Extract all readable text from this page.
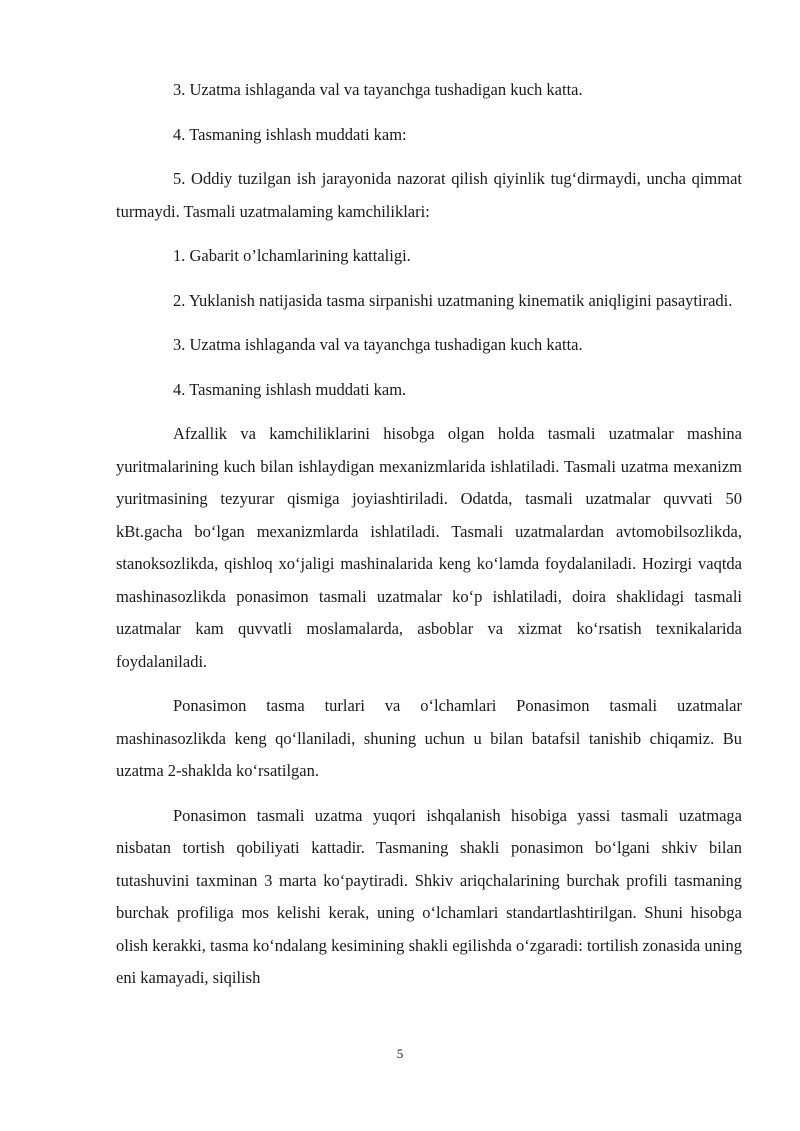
3. Uzatma ishlaganda val va tayanchga tushadigan kuch katta.

4. Tasmaning ishlash muddati kam:

5. Oddiy tuzilgan ish jarayonida nazorat qilish qiyinlik tug‘dirmaydi, uncha qimmat turmaydi. Tasmali uzatmalaming kamchiliklari:

1. Gabarit o’lchamlarining kattaligi.

2. Yuklanish natijasida tasma sirpanishi uzatmaning kinematik aniqligini pasaytiradi.

3. Uzatma ishlaganda val va tayanchga tushadigan kuch katta.

4. Tasmaning ishlash muddati kam.

Afzallik va kamchiliklarini hisobga olgan holda tasmali uzatmalar mashina yuritmalarining kuch bilan ishlaydigan mexanizmlarida ishlatiladi. Tasmali uzatma mexanizm yuritmasining tezyurar qismiga joyiashtiriladi. Odatda, tasmali uzatmalar quvvati 50 kBt.gacha bo‘lgan mexanizmlarda ishlatiladi. Tasmali uzatmalardan avtomobilsozlikda, stanoksozlikda, qishloq xo‘jaligi mashinalarida keng ko‘lamda foydalaniladi. Hozirgi vaqtda mashinasozlikda ponasimon tasmali uzatmalar ko‘p ishlatiladi, doira shaklidagi tasmali uzatmalar kam quvvatli moslamalarda, asboblar va xizmat ko‘rsatish texnikalarida foydalaniladi.

Ponasimon tasma turlari va o‘lchamlari Ponasimon tasmali uzatmalar mashinasozlikda keng qo‘llaniladi, shuning uchun u bilan batafsil tanishib chiqamiz. Bu uzatma 2-shaklda ko‘rsatilgan.

Ponasimon tasmali uzatma yuqori ishqalanish hisobiga yassi tasmali uzatmaga nisbatan tortish qobiliyati kattadir. Tasmaning shakli ponasimon bo‘lgani shkiv bilan tutashuvini taxminan 3 marta ko‘paytiradi. Shkiv ariqchalarining burchak profili tasmaning burchak profiliga mos kelishi kerak, uning o‘lchamlari standartlashtirilgan. Shuni hisobga olish kerakki, tasma ko‘ndalang kesimining shakli egilishda o‘zgaradi: tortilish zonasida uning eni kamayadi, siqilish

5
